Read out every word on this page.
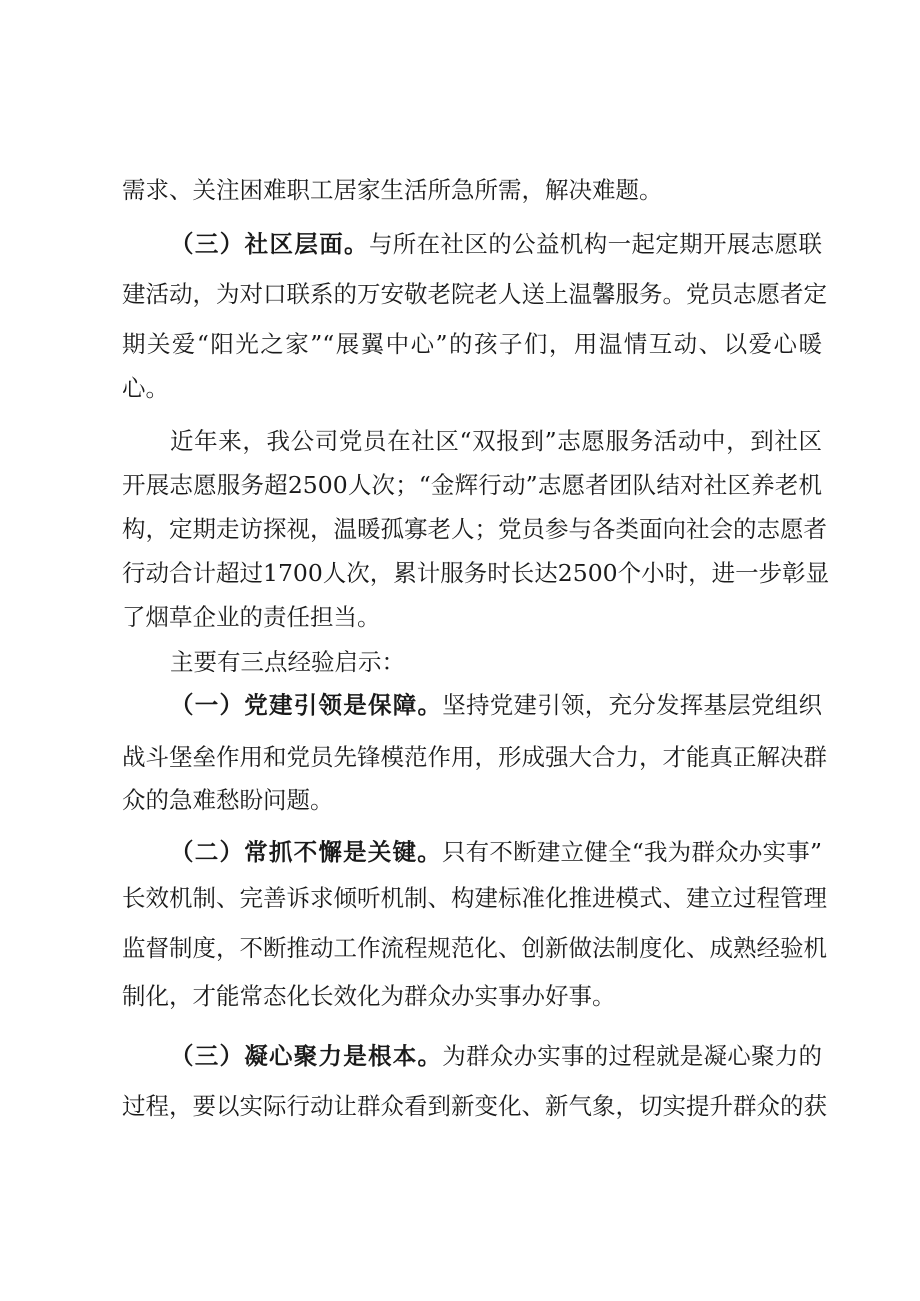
需求、关注困难职工居家生活所急所需，解决难题。
（三）社区层面。与所在社区的公益机构一起定期开展志愿联
建活动，为对口联系的万安敬老院老人送上温馨服务。党员志愿者定
期关爱“阳光之家”“展翼中心”的孩子们，用温情互动、以爱心暖
心。
近年来，我公司党员在社区“双报到”志愿服务活动中，到社区
开展志愿服务超2500人次；“金辉行动”志愿者团队结对社区养老机
构，定期走访探视，温暖孤寡老人；党员参与各类面向社会的志愿者
行动合计超过1700人次，累计服务时长达2500个小时，进一步彰显
了烟草企业的责任担当。
主要有三点经验启示：
（一）党建引领是保障。坚持党建引领，充分发挥基层党组织
战斗堡垒作用和党员先锋模范作用，形成强大合力，才能真正解决群
众的急难愁盼问题。
（二）常抓不懈是关键。只有不断建立健全“我为群众办实事”
长效机制、完善诉求倾听机制、构建标准化推进模式、建立过程管理
监督制度，不断推动工作流程规范化、创新做法制度化、成熟经验机
制化，才能常态化长效化为群众办实事办好事。
（三）凝心聚力是根本。为群众办实事的过程就是凝心聚力的
过程，要以实际行动让群众看到新变化、新气象，切实提升群众的获
